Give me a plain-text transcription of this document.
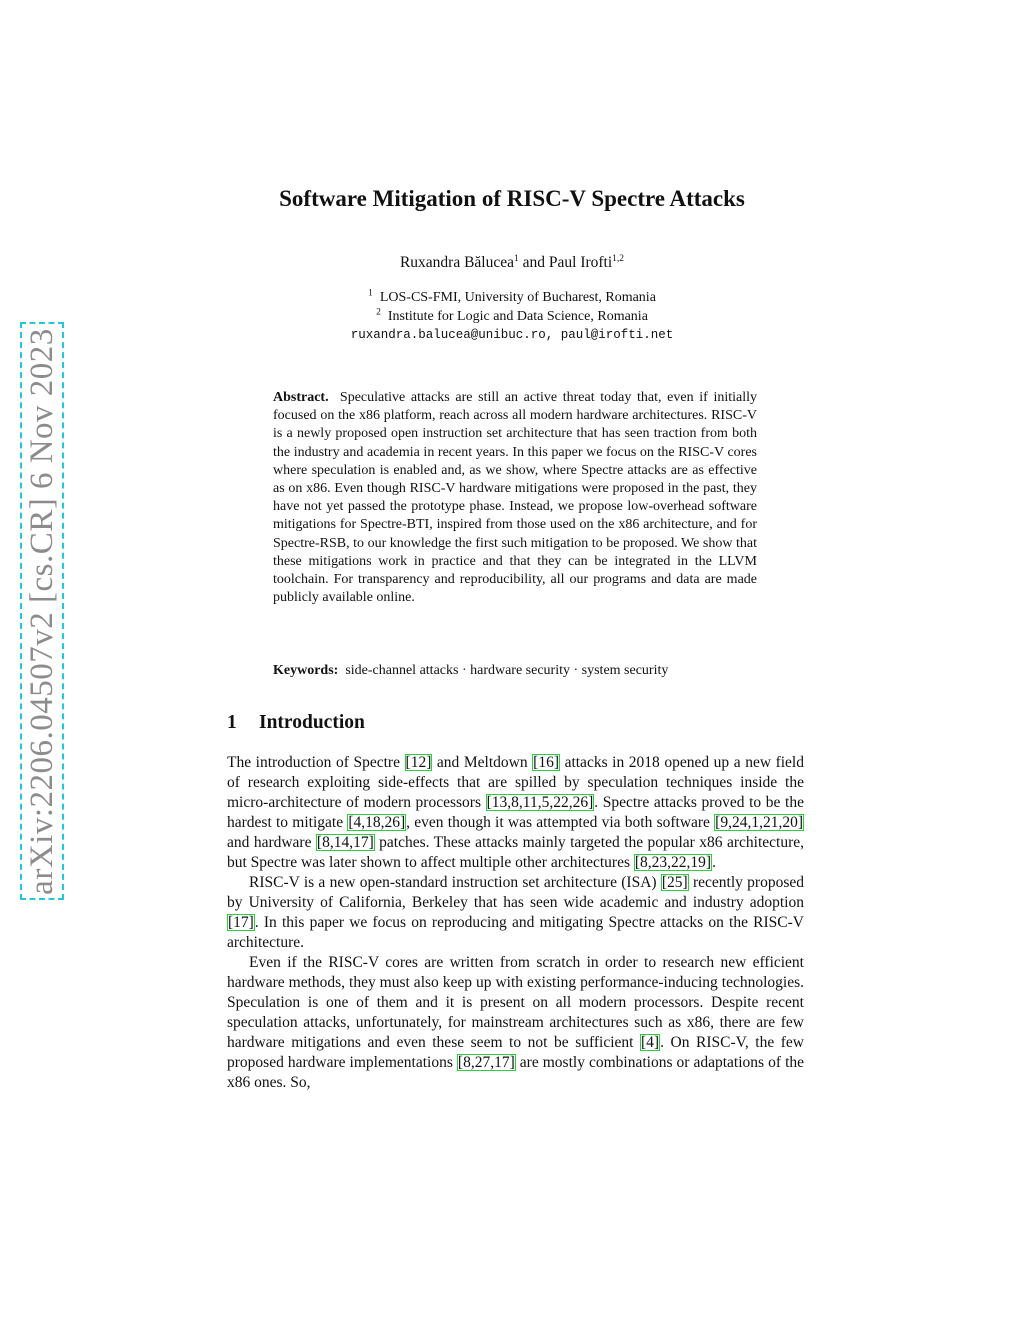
arXiv:2206.04507v2 [cs.CR] 6 Nov 2023
Software Mitigation of RISC-V Spectre Attacks
Ruxandra Bălucea$^1$ and Paul Irofti$^{1,2}$
$^1$ LOS-CS-FMI, University of Bucharest, Romania
$^2$ Institute for Logic and Data Science, Romania
ruxandra.balucea@unibuc.ro, paul@irofti.net

Abstract. Speculative attacks are still an active threat today that, even if initially focused on the x86 platform, reach across all modern hardware architectures. RISC-V is a newly proposed open instruction set architecture that has seen traction from both the industry and academia in recent years. In this paper we focus on the RISC-V cores where speculation is enabled and, as we show, where Spectre attacks are as effective as on x86. Even though RISC-V hardware mitigations were proposed in the past, they have not yet passed the prototype phase. Instead, we propose low-overhead software mitigations for Spectre-BTI, inspired from those used on the x86 architecture, and for Spectre-RSB, to our knowledge the first such mitigation to be proposed. We show that these mitigations work in practice and that they can be integrated in the LLVM toolchain. For transparency and reproducibility, all our programs and data are made publicly available online.

Keywords: side-channel attacks · hardware security · system security
1 Introduction

The introduction of Spectre [12] and Meltdown [16] attacks in 2018 opened up a new field of research exploiting side-effects that are spilled by speculation techniques inside the micro-architecture of modern processors [13,8,11,5,22,26]. Spectre attacks proved to be the hardest to mitigate [4,18,26], even though it was attempted via both software [9,24,1,21,20] and hardware [8,14,17] patches. These attacks mainly targeted the popular x86 architecture, but Spectre was later shown to affect multiple other architectures [8,23,22,19].

RISC-V is a new open-standard instruction set architecture (ISA) [25] recently proposed by University of California, Berkeley that has seen wide academic and industry adoption [17]. In this paper we focus on reproducing and mitigating Spectre attacks on the RISC-V architecture.

Even if the RISC-V cores are written from scratch in order to research new efficient hardware methods, they must also keep up with existing performance-inducing technologies. Speculation is one of them and it is present on all modern processors. Despite recent speculation attacks, unfortunately, for mainstream architectures such as x86, there are few hardware mitigations and even these seem to not be sufficient [4]. On RISC-V, the few proposed hardware implementations [8,27,17] are mostly combinations or adaptations of the x86 ones. So,
